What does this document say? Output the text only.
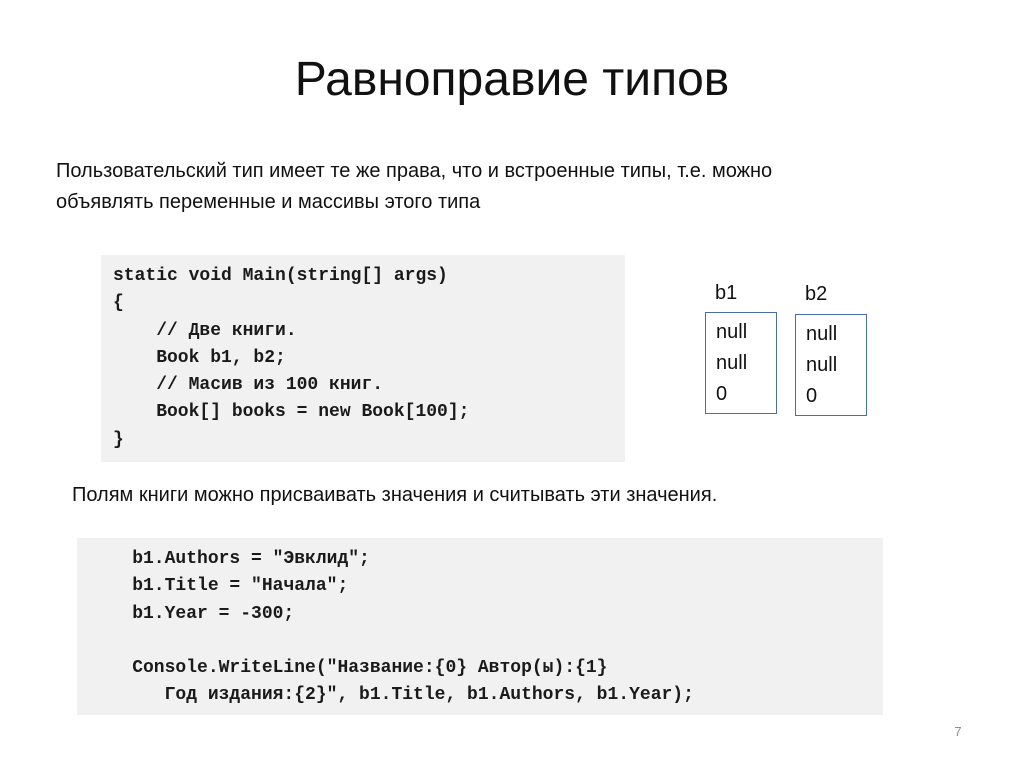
Равноправие типов
Пользовательский тип имеет те же права, что и встроенные типы, т.е. можно
объявлять переменные и массивы этого типа
static void Main(string[] args)
{
// Две книги.
Book b1, b2;
// Масив из 100 книг.
Book[] books = new Book[100];
}
b1
null
null
0
b2
null
null
0
Полям книги можно присваивать значения и считывать эти значения.
b1.Authors = "Эвклид";
b1.Title = "Начала";
b1.Year = -300;
Console.WriteLine("Название:{0} Автор(ы):{1}
Год издания:{2}", b1.Title, b1.Authors, b1.Year);
7
